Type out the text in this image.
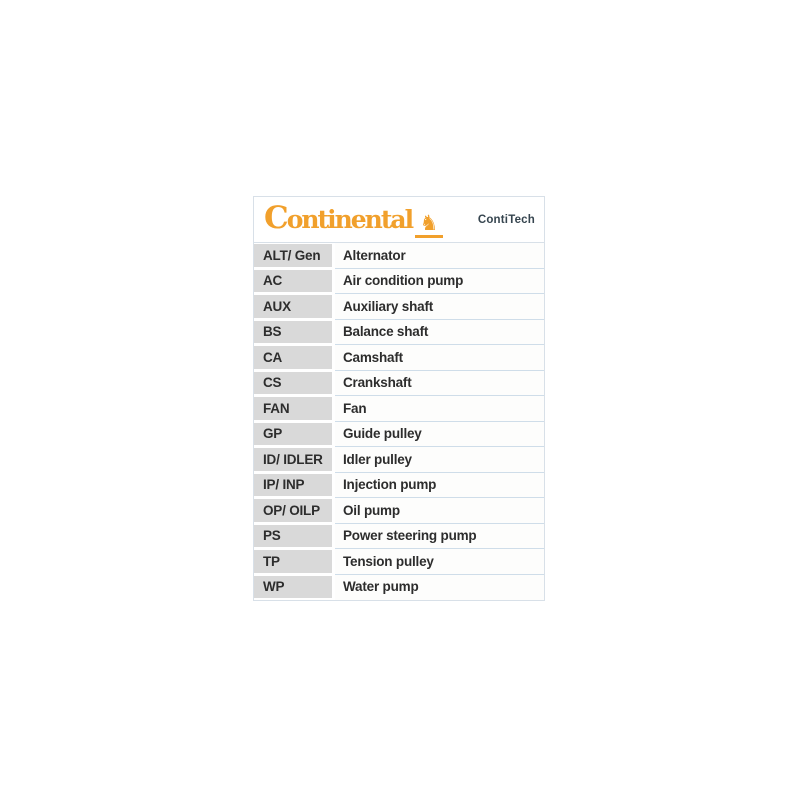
Continental ♞	ContiTech
ALT/ Gen	Alternator
AC	Air condition pump
AUX	Auxiliary shaft
BS	Balance shaft
CA	Camshaft
CS	Crankshaft
FAN	Fan
GP	Guide pulley
ID/ IDLER	Idler pulley
IP/ INP	Injection pump
OP/ OILP	Oil pump
PS	Power steering pump
TP	Tension pulley
WP	Water pump
